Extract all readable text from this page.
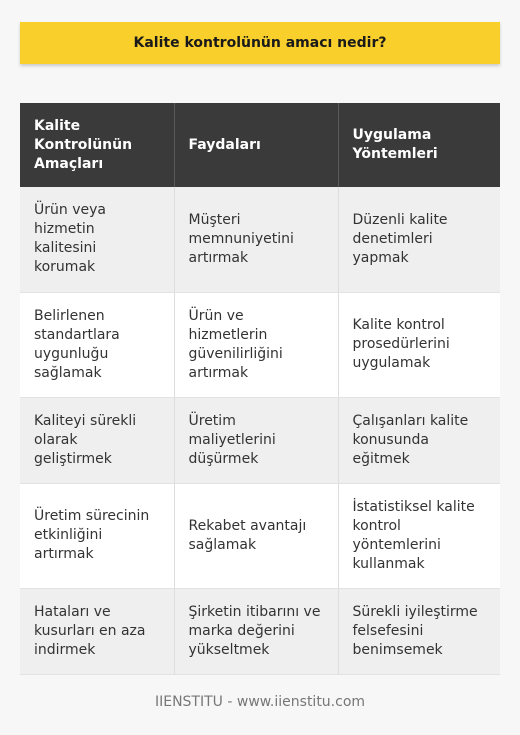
Kalite kontrolünün amacı nedir?
Kalite Kontrolünün Amaçları	Faydaları	Uygulama Yöntemleri
Ürün veya hizmetin kalitesini korumak	Müşteri memnuniyetini artırmak	Düzenli kalite denetimleri yapmak
Belirlenen standartlara uygunluğu sağlamak	Ürün ve hizmetlerin güvenilirliğini artırmak	Kalite kontrol prosedürlerini uygulamak
Kaliteyi sürekli olarak geliştirmek	Üretim maliyetlerini düşürmek	Çalışanları kalite konusunda eğitmek
Üretim sürecinin etkinliğini artırmak	Rekabet avantajı sağlamak	İstatistiksel kalite kontrol yöntemlerini kullanmak
Hataları ve kusurları en aza indirmek	Şirketin itibarını ve marka değerini yükseltmek	Sürekli iyileştirme felsefesini benimsemek
IIENSTITU - www.iienstitu.com
